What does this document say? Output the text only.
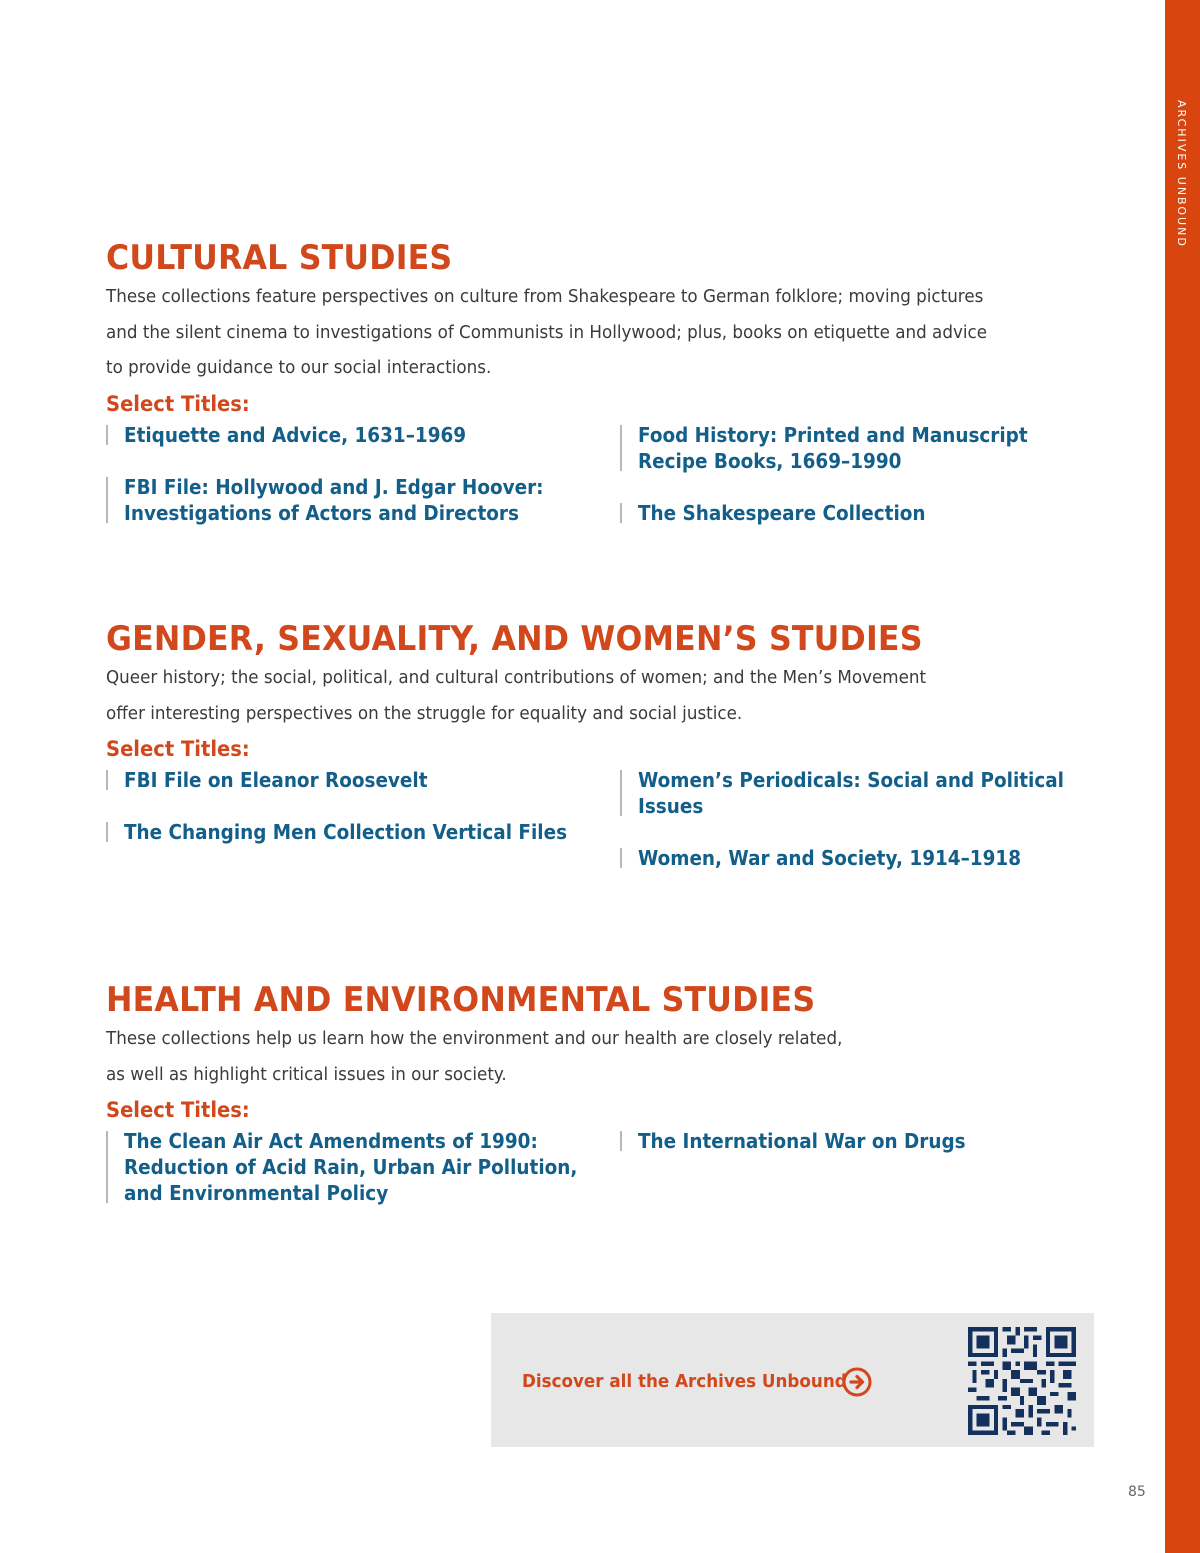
ARCHIVES UNBOUND
CULTURAL STUDIES
These collections feature perspectives on culture from Shakespeare to German folklore; moving pictures
and the silent cinema to investigations of Communists in Hollywood; plus, books on etiquette and advice
to provide guidance to our social interactions.
Select Titles:
Etiquette and Advice, 1631–1969
FBI File: Hollywood and J. Edgar Hoover:
Investigations of Actors and Directors
Food History: Printed and Manuscript
Recipe Books, 1669–1990
The Shakespeare Collection
GENDER, SEXUALITY, AND WOMEN’S STUDIES
Queer history; the social, political, and cultural contributions of women; and the Men’s Movement
offer interesting perspectives on the struggle for equality and social justice.
Select Titles:
FBI File on Eleanor Roosevelt
The Changing Men Collection Vertical Files
Women’s Periodicals: Social and Political
Issues
Women, War and Society, 1914–1918
HEALTH AND ENVIRONMENTAL STUDIES
These collections help us learn how the environment and our health are closely related,
as well as highlight critical issues in our society.
Select Titles:
The Clean Air Act Amendments of 1990:
Reduction of Acid Rain, Urban Air Pollution,
and Environmental Policy
The International War on Drugs
Discover all the Archives Unbound
85
